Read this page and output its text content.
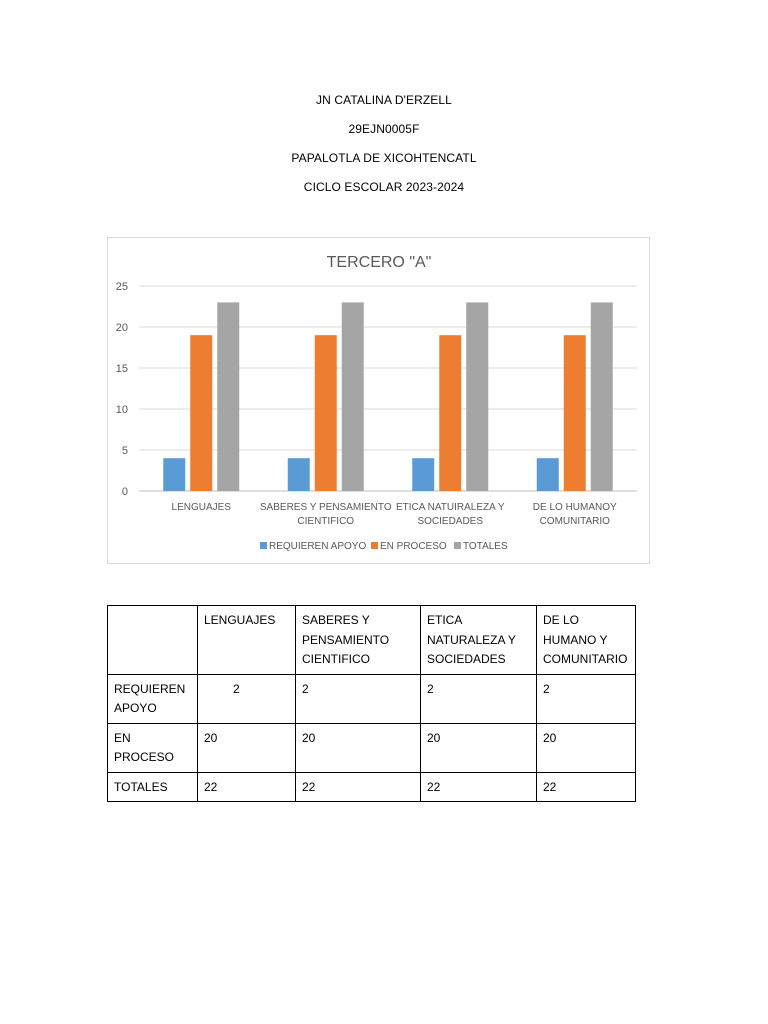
JN CATALINA D'ERZELL
29EJN0005F
PAPALOTLA DE XICOHTENCATL
CICLO ESCOLAR 2023-2024
TERCERO "A"
0
5
10
15
20
25
LENGUAJES	SABERES Y PENSAMIENTO
CIENTIFICO
ETICA NATUIRALEZA Y
SOCIEDADES
DE LO HUMANOY
COMUNITARIO
REQUIEREN APOYO EN PROCESO TOTALES
	LENGUAJES	SABERES Y PENSAMIENTO CIENTIFICO	ETICA NATURALEZA Y SOCIEDADES	DE LO HUMANO Y COMUNITARIO
REQUIEREN APOYO	2	2	2	2
EN PROCESO	20	20	20	20
TOTALES	22	22	22	22
